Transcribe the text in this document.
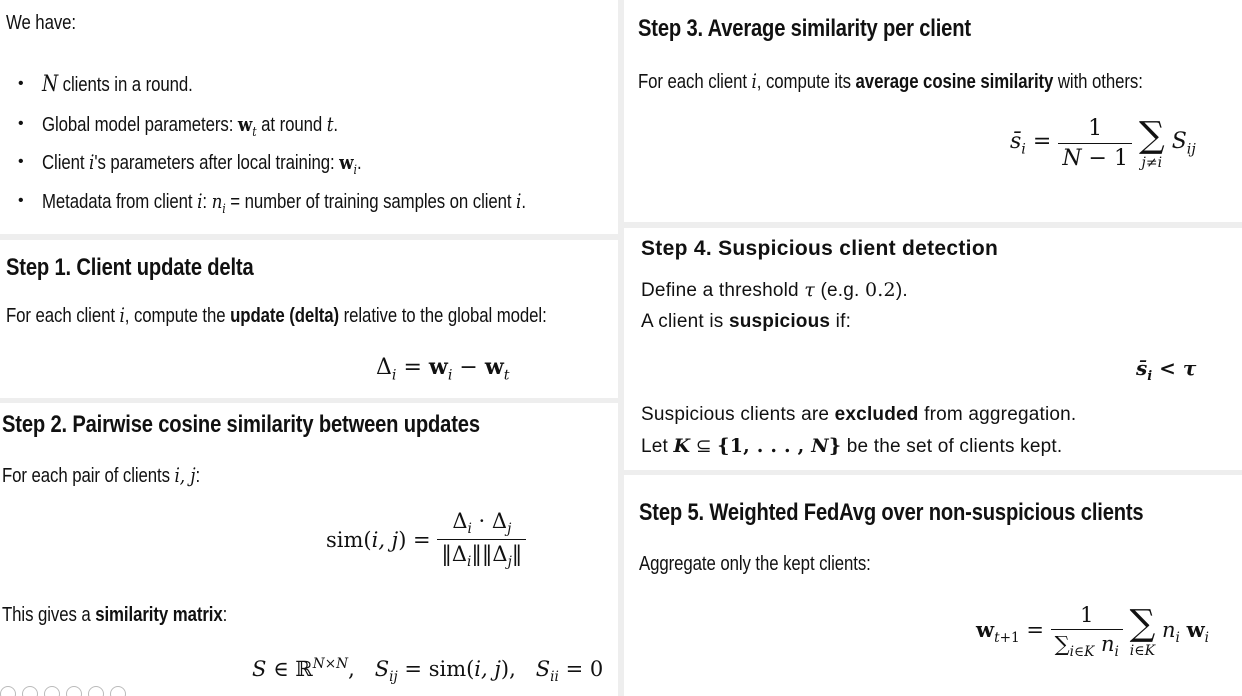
We have:
• N clients in a round.
• Global model parameters: $w_t$ at round t.
• Client i's parameters after local training: $w_i$.
• Metadata from client i: $n_i$ = number of training samples on client i.
Step 1. Client update delta
For each client i, compute the update (delta) relative to the global model:
$\Delta_i = w_i - w_t$
Step 2. Pairwise cosine similarity between updates
For each pair of clients i, j:
sim(i, $j) = \frac{\Delta_i \cdot \Delta_j}{‖\Delta_i‖‖\Delta_j‖}$
This gives a similarity matrix:
S ∈ ℝ$^{N\times N}$,   $S_{ij} = sim(i$, j),   $S_{ii} = 0$
Step 3. Average similarity per client
For each client i, compute its average cosine similarity with others:
$s̄_i = \frac{1}{N - 1}$
∑
j≠i
$S_{ij}$
Step 4. Suspicious client detection
Define a threshold τ (e.g. 0.2).
A client is suspicious if:
$s̄_i < \tau$
Suspicious clients are excluded from aggregation.
Let K ⊆ {1, . . . , N} be the set of clients kept.
Step 5. Weighted FedAvg over non-suspicious clients
Aggregate only the kept clients:
$w_{t+1} = \frac{1}{\sum_{i\in K} n_i}$
∑
i∈K
$n_i$ $w_i$
